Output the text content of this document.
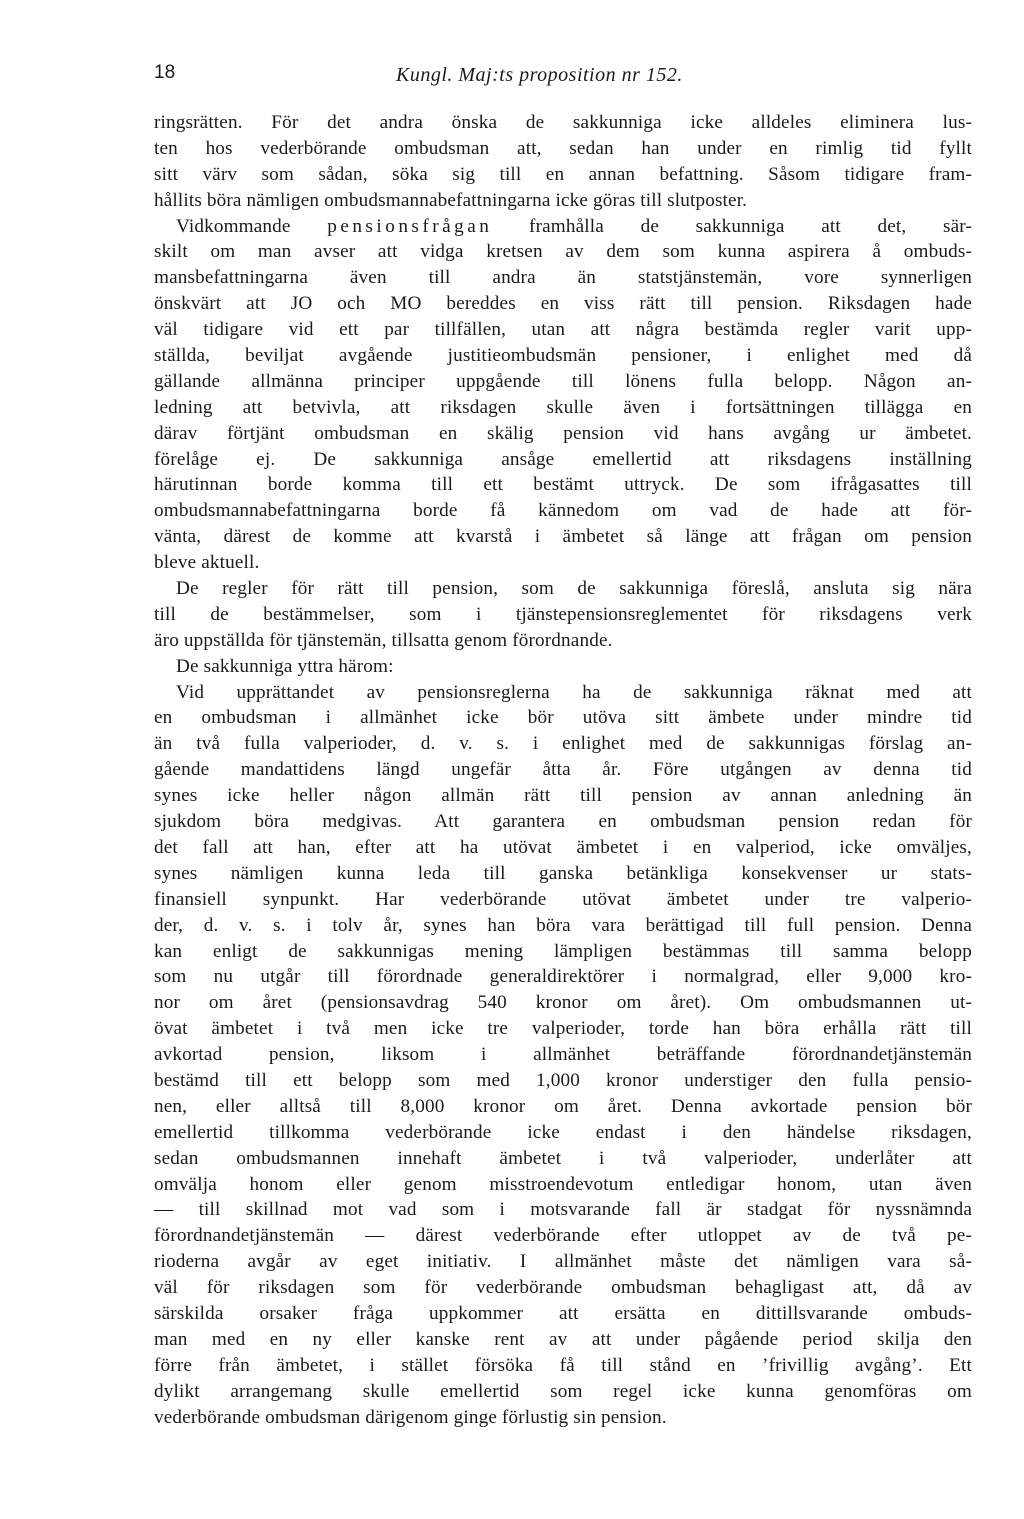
18	Kungl. Maj:ts proposition nr 152.
ringsrätten. För det andra önska de sakkunniga icke alldeles eliminera lus-
ten hos vederbörande ombudsman att, sedan han under en rimlig tid fyllt
sitt värv som sådan, söka sig till en annan befattning. Såsom tidigare fram-
hållits böra nämligen ombudsmannabefattningarna icke göras till slutposter.
Vidkommande pensionsfrågan framhålla de sakkunniga att det, sär-
skilt om man avser att vidga kretsen av dem som kunna aspirera å ombuds-
mansbefattningarna även till andra än statstjänstemän, vore synnerligen
önskvärt att JO och MO bereddes en viss rätt till pension. Riksdagen hade
väl tidigare vid ett par tillfällen, utan att några bestämda regler varit upp-
ställda, beviljat avgående justitieombudsmän pensioner, i enlighet med då
gällande allmänna principer uppgående till lönens fulla belopp. Någon an-
ledning att betvivla, att riksdagen skulle även i fortsättningen tillägga en
därav förtjänt ombudsman en skälig pension vid hans avgång ur ämbetet.
förelåge ej. De sakkunniga ansåge emellertid att riksdagens inställning
härutinnan borde komma till ett bestämt uttryck. De som ifrågasattes till
ombudsmannabefattningarna borde få kännedom om vad de hade att för-
vänta, därest de komme att kvarstå i ämbetet så länge att frågan om pension
bleve aktuell.
De regler för rätt till pension, som de sakkunniga föreslå, ansluta sig nära
till de bestämmelser, som i tjänstepensionsreglementet för riksdagens verk
äro uppställda för tjänstemän, tillsatta genom förordnande.
De sakkunniga yttra härom:
Vid upprättandet av pensionsreglerna ha de sakkunniga räknat med att
en ombudsman i allmänhet icke bör utöva sitt ämbete under mindre tid
än två fulla valperioder, d. v. s. i enlighet med de sakkunnigas förslag an-
gående mandattidens längd ungefär åtta år. Före utgången av denna tid
synes icke heller någon allmän rätt till pension av annan anledning än
sjukdom böra medgivas. Att garantera en ombudsman pension redan för
det fall att han, efter att ha utövat ämbetet i en valperiod, icke omväljes,
synes nämligen kunna leda till ganska betänkliga konsekvenser ur stats-
finansiell synpunkt. Har vederbörande utövat ämbetet under tre valperio-
der, d. v. s. i tolv år, synes han böra vara berättigad till full pension. Denna
kan enligt de sakkunnigas mening lämpligen bestämmas till samma belopp
som nu utgår till förordnade generaldirektörer i normalgrad, eller 9,000 kro-
nor om året (pensionsavdrag 540 kronor om året). Om ombudsmannen ut-
övat ämbetet i två men icke tre valperioder, torde han böra erhålla rätt till
avkortad pension, liksom i allmänhet beträffande förordnandetjänstemän
bestämd till ett belopp som med 1,000 kronor understiger den fulla pensio-
nen, eller alltså till 8,000 kronor om året. Denna avkortade pension bör
emellertid tillkomma vederbörande icke endast i den händelse riksdagen,
sedan ombudsmannen innehaft ämbetet i två valperioder, underlåter att
omvälja honom eller genom misstroendevotum entledigar honom, utan även
— till skillnad mot vad som i motsvarande fall är stadgat för nyssnämnda
förordnandetjänstemän — därest vederbörande efter utloppet av de två pe-
rioderna avgår av eget initiativ. I allmänhet måste det nämligen vara så-
väl för riksdagen som för vederbörande ombudsman behagligast att, då av
särskilda orsaker fråga uppkommer att ersätta en dittillsvarande ombuds-
man med en ny eller kanske rent av att under pågående period skilja den
förre från ämbetet, i stället försöka få till stånd en ’frivillig avgång’. Ett
dylikt arrangemang skulle emellertid som regel icke kunna genomföras om
vederbörande ombudsman därigenom ginge förlustig sin pension.
